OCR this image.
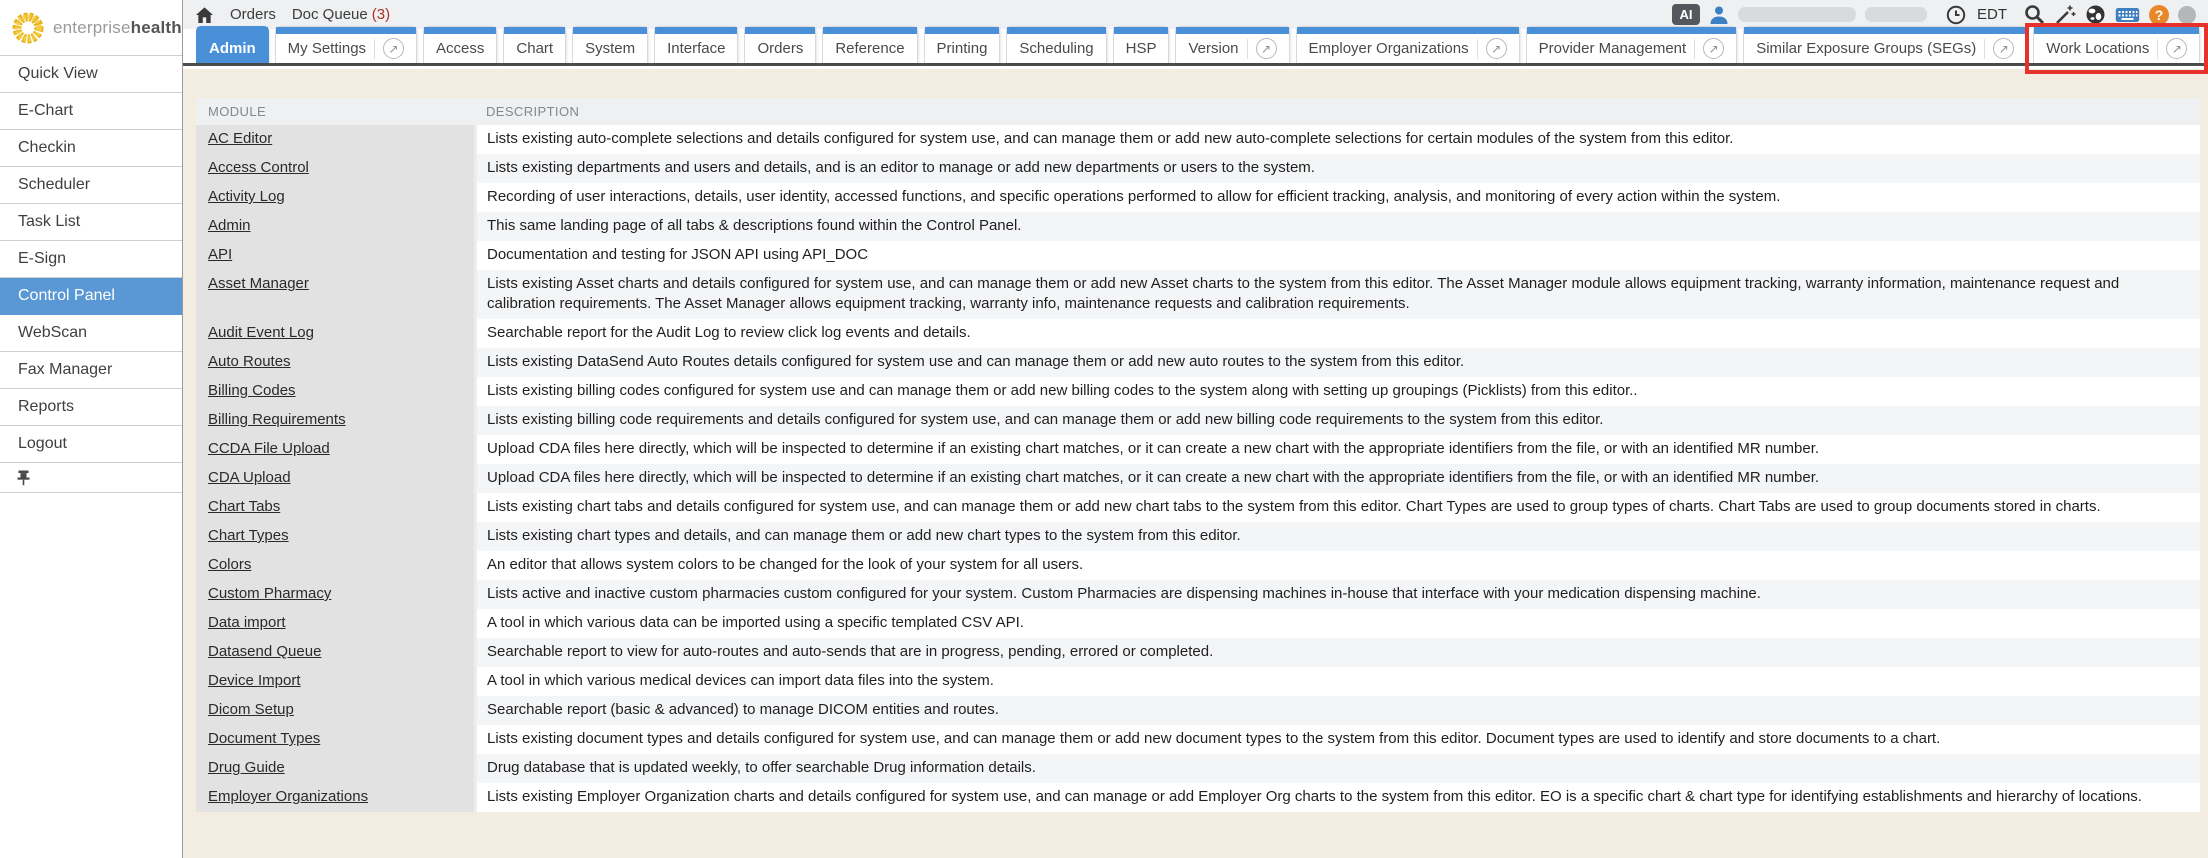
enterprisehealth
Quick View
E-Chart
Checkin
Scheduler
Task List
E-Sign
Control Panel
WebScan
Fax Manager
Reports
Logout
Orders Doc Queue (3)	AI	EDT	?
Admin My Settings	↗	Access Chart System Interface Orders Reference Printing Scheduling HSP Version	↗	Employer Organizations	↗	Provider Management	↗	Similar Exposure Groups (SEGs)	↗	Work Locations	↗
MODULE	DESCRIPTION
AC Editor	Lists existing auto-complete selections and details configured for system use, and can manage them or add new auto-complete selections for certain modules of the system from this editor.
Access Control	Lists existing departments and users and details, and is an editor to manage or add new departments or users to the system.
Activity Log	Recording of user interactions, details, user identity, accessed functions, and specific operations performed to allow for efficient tracking, analysis, and monitoring of every action within the system.
Admin	This same landing page of all tabs & descriptions found within the Control Panel.
API	Documentation and testing for JSON API using API_DOC
Asset Manager	Lists existing Asset charts and details configured for system use, and can manage them or add new Asset charts to the system from this editor. The Asset Manager module allows equipment tracking, warranty information, maintenance request and calibration requirements. The Asset Manager allows equipment tracking, warranty info, maintenance requests and calibration requirements.
Audit Event Log	Searchable report for the Audit Log to review click log events and details.
Auto Routes	Lists existing DataSend Auto Routes details configured for system use and can manage them or add new auto routes to the system from this editor.
Billing Codes	Lists existing billing codes configured for system use and can manage them or add new billing codes to the system along with setting up groupings (Picklists) from this editor..
Billing Requirements	Lists existing billing code requirements and details configured for system use, and can manage them or add new billing code requirements to the system from this editor.
CCDA File Upload	Upload CDA files here directly, which will be inspected to determine if an existing chart matches, or it can create a new chart with the appropriate identifiers from the file, or with an identified MR number.
CDA Upload	Upload CDA files here directly, which will be inspected to determine if an existing chart matches, or it can create a new chart with the appropriate identifiers from the file, or with an identified MR number.
Chart Tabs	Lists existing chart tabs and details configured for system use, and can manage them or add new chart tabs to the system from this editor. Chart Types are used to group types of charts. Chart Tabs are used to group documents stored in charts.
Chart Types	Lists existing chart types and details, and can manage them or add new chart types to the system from this editor.
Colors	An editor that allows system colors to be changed for the look of your system for all users.
Custom Pharmacy	Lists active and inactive custom pharmacies custom configured for your system. Custom Pharmacies are dispensing machines in-house that interface with your medication dispensing machine.
Data import	A tool in which various data can be imported using a specific templated CSV API.
Datasend Queue	Searchable report to view for auto-routes and auto-sends that are in progress, pending, errored or completed.
Device Import	A tool in which various medical devices can import data files into the system.
Dicom Setup	Searchable report (basic & advanced) to manage DICOM entities and routes.
Document Types	Lists existing document types and details configured for system use, and can manage them or add new document types to the system from this editor. Document types are used to identify and store documents to a chart.
Drug Guide	Drug database that is updated weekly, to offer searchable Drug information details.
Employer Organizations	Lists existing Employer Organization charts and details configured for system use, and can manage or add Employer Org charts to the system from this editor. EO is a specific chart & chart type for identifying establishments and hierarchy of locations.
